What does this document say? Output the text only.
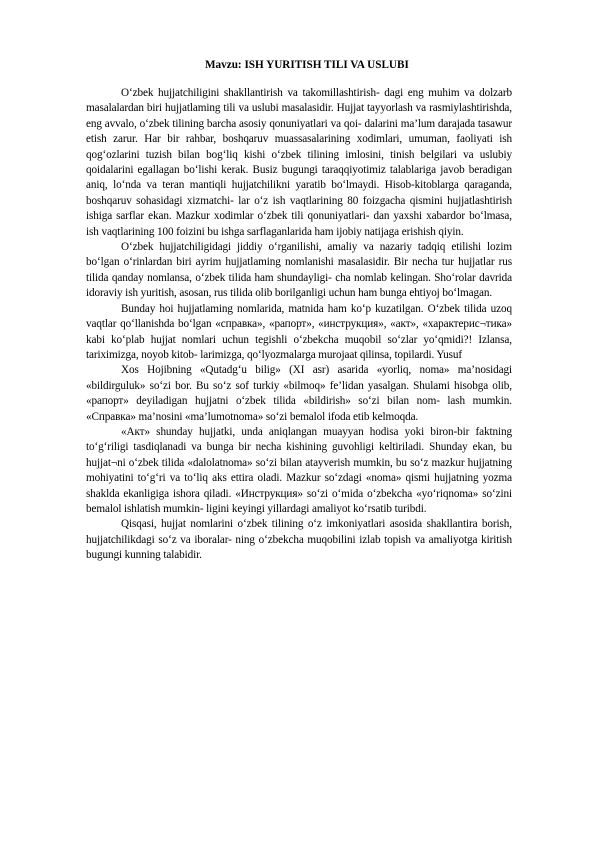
Mavzu: ISH YURITISH TILI VA USLUBI

O‘zbek hujjatchiligini shakllantirish va takomillashtirish- dagi eng muhim va dolzarb masalalardan biri hujjatlaming tili va uslubi masalasidir. Hujjat tayyorlash va rasmiylashtirishda, eng avvalo, o‘zbek tilining barcha asosiy qonuniyatlari va qoi- dalarini ma’lum darajada tasawur etish zarur. Har bir rahbar, boshqaruv muassasalarining xodimlari, umuman, faoliyati ish qog‘ozlarini tuzish bilan bog‘liq kishi o‘zbek tilining imlosini, tinish belgilari va uslubiy qoidalarini egallagan bo‘lishi kerak. Busiz bugungi taraqqiyotimiz talablariga javob beradigan aniq, lo‘nda va teran mantiqli hujjatchilikni yaratib bo‘lmaydi. Hisob-kitoblarga qaraganda, boshqaruv sohasidagi xizmatchi- lar o‘z ish vaqtlarining 80 foizgacha qismini hujjatlashtirish ishiga sarflar ekan. Mazkur xodimlar o‘zbek tili qonuniyatlari- dan yaxshi xabardor bo‘lmasa, ish vaqtlarining 100 foizini bu ishga sarflaganlarida ham ijobiy natijaga erishish qiyin.

O‘zbek hujjatchiligidagi jiddiy o‘rganilishi, amaliy va nazariy tadqiq etilishi lozim bo‘lgan o‘rinlardan biri ayrim hujjatlaming nomlanishi masalasidir. Bir necha tur hujjatlar rus tilida qanday nomlansa, o‘zbek tilida ham shundayligi- cha nomlab kelingan. Sho‘rolar davrida idoraviy ish yuritish, asosan, rus tilida olib borilganligi uchun ham bunga ehtiyoj bo‘lmagan.

Bunday hoi hujjatlaming nomlarida, matnida ham ko‘p kuzatilgan. O‘zbek tilida uzoq vaqtlar qo‘llanishda bo‘lgan «справка», «рапорт», «инструкция», «акт», «характерис¬тика» kabi ko‘plab hujjat nomlari uchun tegishli o‘zbekcha muqobil so‘zlar yo‘qmidi?! Izlansa, tariximizga, noyob kitob- larimizga, qo‘lyozmalarga murojaat qilinsa, topilardi. Yusuf

Xos Hojibning «Qutadg‘u bilig» (XI asr) asarida «yorliq, noma» ma’nosidagi «bildirguluk» so‘zi bor. Bu so‘z sof turkiy «bilmoq» fe’lidan yasalgan. Shulami hisobga olib, «рапорт» deyiladigan hujjatni o‘zbek tilida «bildirish» so‘zi bilan nom- lash mumkin. «Справка» ma’nosini «ma’lumotnoma» so‘zi bemalol ifoda etib kelmoqda.

«Акт» shunday hujjatki, unda aniqlangan muayyan hodisa yoki biron-bir faktning to‘g‘riligi tasdiqlanadi va bunga bir necha kishining guvohligi keltiriladi. Shunday ekan, bu hujjat¬ni o‘zbek tilida «dalolatnoma» so‘zi bilan atayverish mumkin, bu so‘z mazkur hujjatning mohiyatini to‘g‘ri va to‘liq aks ettira oladi. Mazkur so‘zdagi «noma» qismi hujjatning yozma shaklda ekanligiga ishora qiladi. «Инструкция» so‘zi o‘mida o‘zbekcha «yo‘riqnoma» so‘zini bemalol ishlatish mumkin- ligini keyingi yillardagi amaliyot ko‘rsatib turibdi.

Qisqasi, hujjat nomlarini o‘zbek tilining o‘z imkoniyatlari asosida shakllantira borish, hujjatchilikdagi so‘z va iboralar- ning o‘zbekcha muqobilini izlab topish va amaliyotga kiritish bugungi kunning talabidir.
